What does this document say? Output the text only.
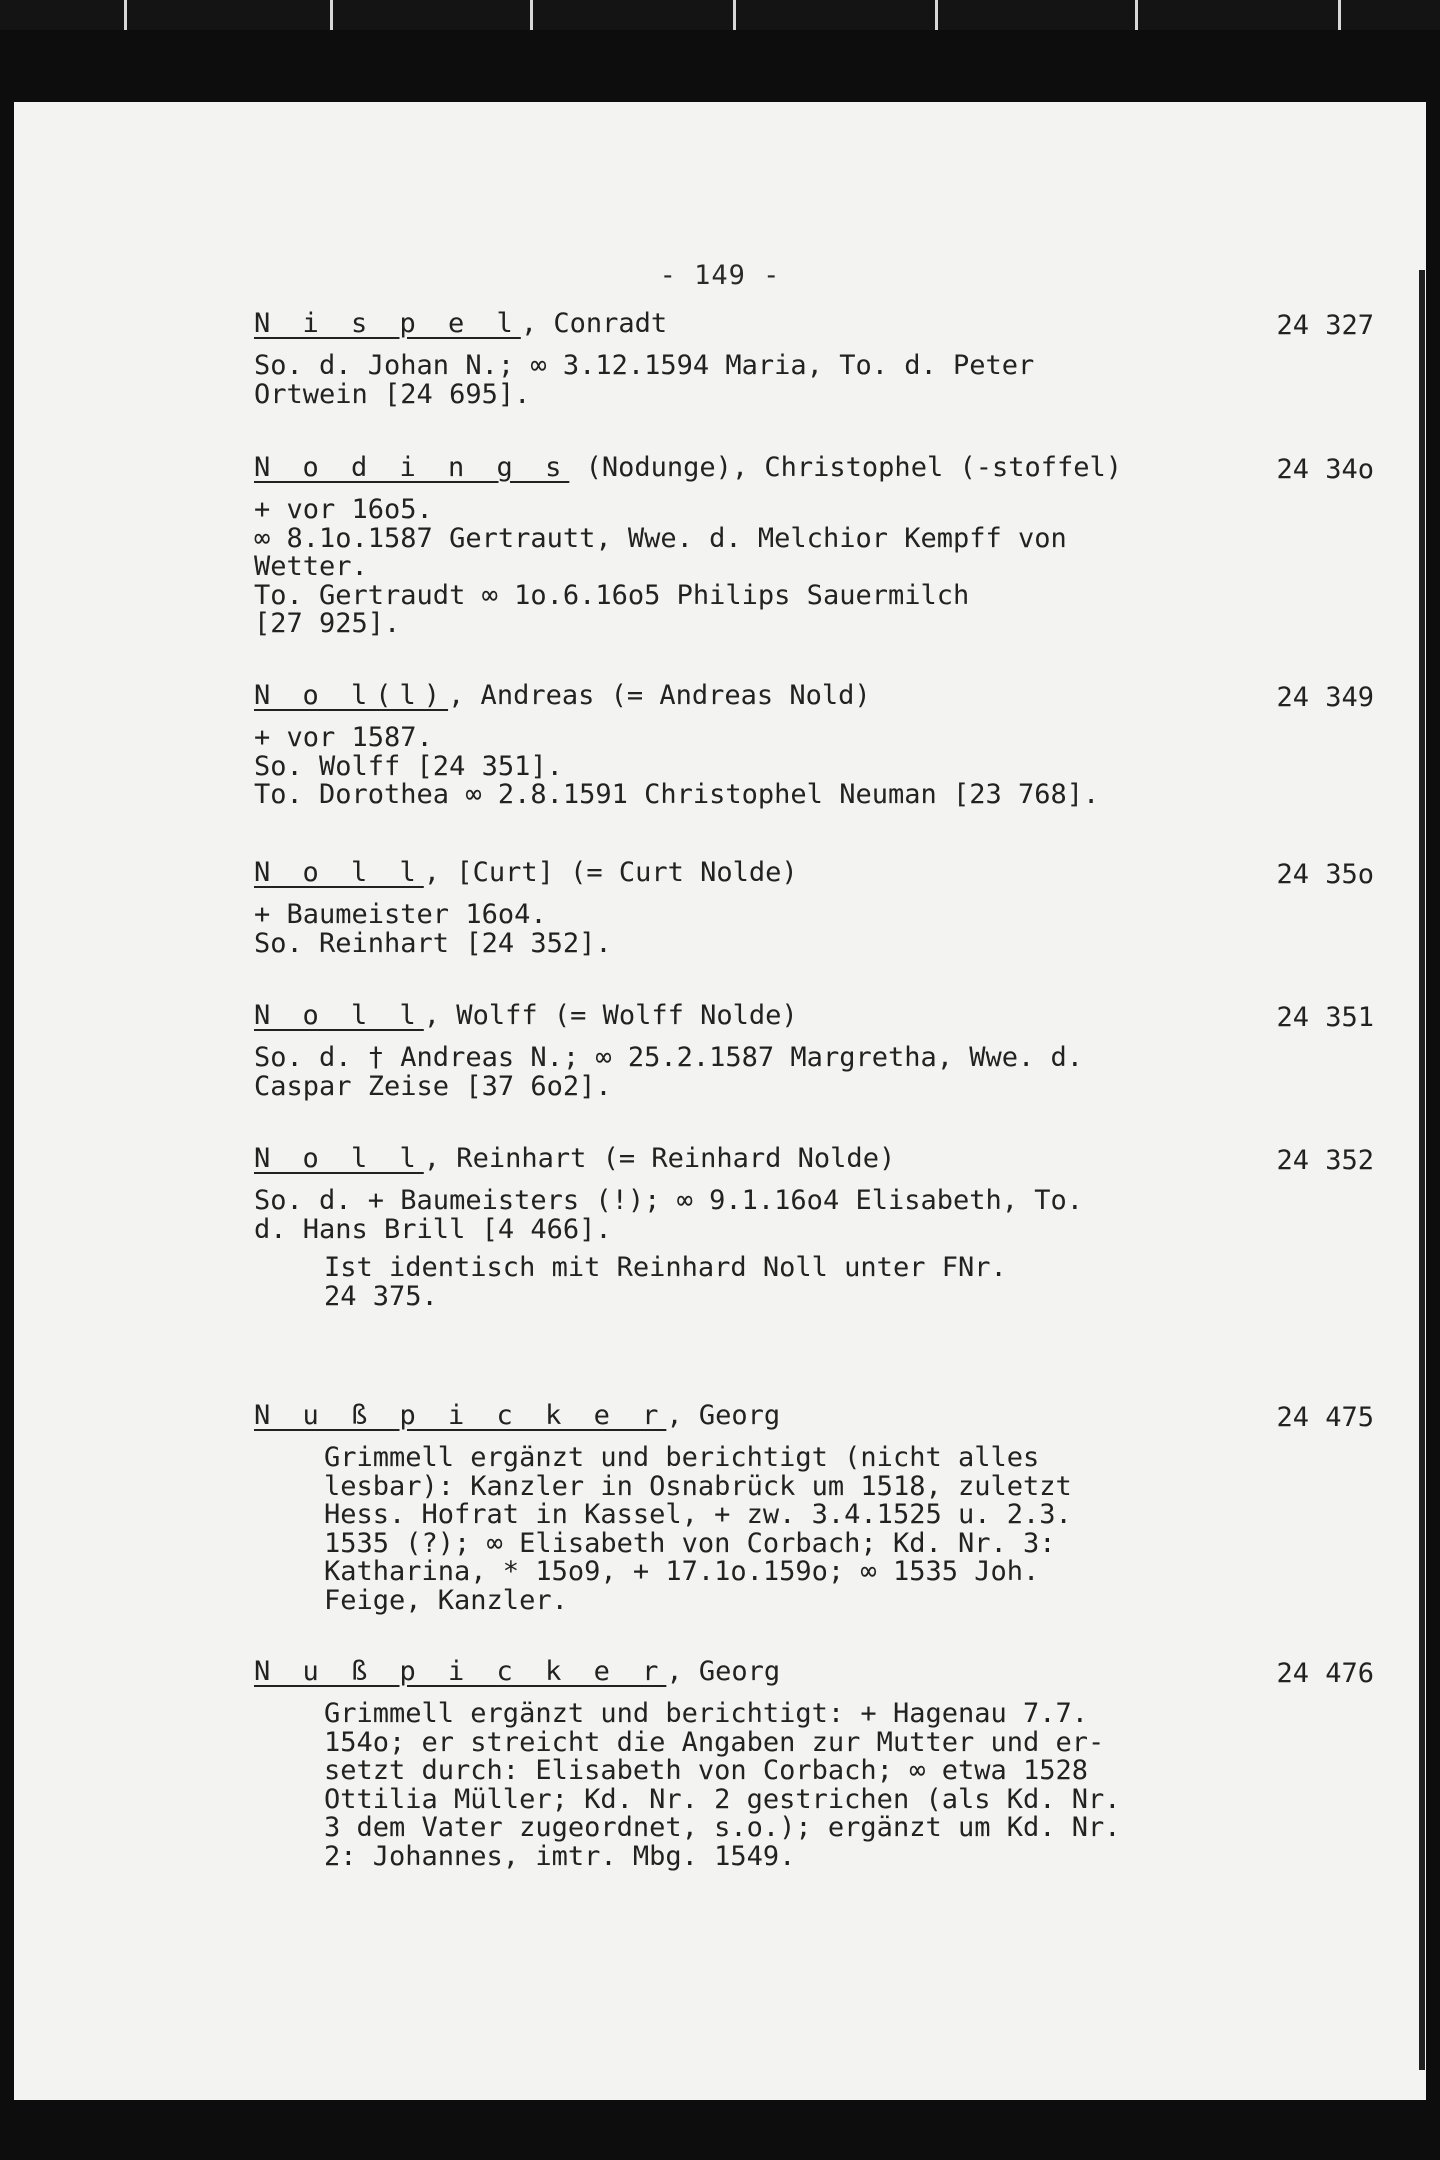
- 149 -
N i s p e l, Conradt	24 327
So. d. Johan N.; ∞ 3.12.1594 Maria, To. d. Peter
Ortwein [24 695].
N o d i n g s (Nodunge), Christophel (-stoffel)	24 34o
+ vor 16o5.
∞ 8.1o.1587 Gertrautt, Wwe. d. Melchior Kempff von
Wetter.
To. Gertraudt ∞ 1o.6.16o5 Philips Sauermilch
[27 925].
N o l(l), Andreas (= Andreas Nold)	24 349
+ vor 1587.
So. Wolff [24 351].
To. Dorothea ∞ 2.8.1591 Christophel Neuman [23 768].
N o l l, [Curt] (= Curt Nolde)	24 35o
+ Baumeister 16o4.
So. Reinhart [24 352].
N o l l, Wolff (= Wolff Nolde)	24 351
So. d. † Andreas N.; ∞ 25.2.1587 Margretha, Wwe. d.
Caspar Zeise [37 6o2].
N o l l, Reinhart (= Reinhard Nolde)	24 352
So. d. + Baumeisters (!); ∞ 9.1.16o4 Elisabeth, To.
d. Hans Brill [4 466].
Ist identisch mit Reinhard Noll unter FNr.
24 375.
N u ß p i c k e r, Georg	24 475
Grimmell ergänzt und berichtigt (nicht alles
lesbar): Kanzler in Osnabrück um 1518, zuletzt
Hess. Hofrat in Kassel, + zw. 3.4.1525 u. 2.3.
1535 (?); ∞ Elisabeth von Corbach; Kd. Nr. 3:
Katharina, * 15o9, + 17.1o.159o; ∞ 1535 Joh.
Feige, Kanzler.
N u ß p i c k e r, Georg	24 476
Grimmell ergänzt und berichtigt: + Hagenau 7.7.
154o; er streicht die Angaben zur Mutter und er-
setzt durch: Elisabeth von Corbach; ∞ etwa 1528
Ottilia Müller; Kd. Nr. 2 gestrichen (als Kd. Nr.
3 dem Vater zugeordnet, s.o.); ergänzt um Kd. Nr.
2: Johannes, imtr. Mbg. 1549.
